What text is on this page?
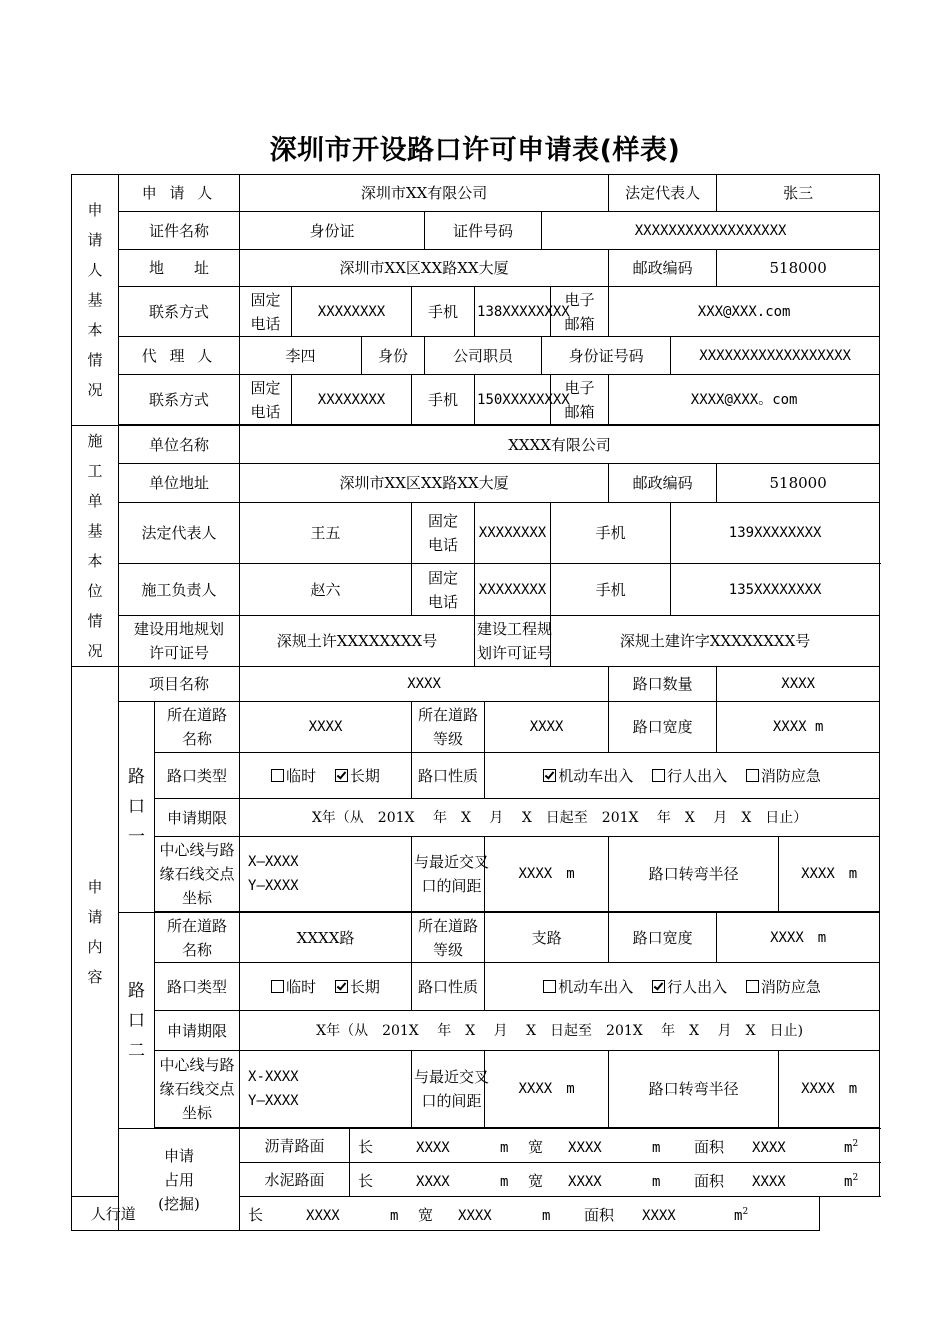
深圳市开设路口许可申请表(样表)
申请人基本情况	申 请 人		深圳市XX有限公司										法定代表人		张三	
	证件名称		身份证					证件号码			XXXXXXXXXXXXXXXXXX					
	地　　址		深圳市XX区XX路XX大厦										邮政编码		518000	
	联系方式		固定电话	XXXXXXXX			手机		138XXXXXXXX			电子邮箱	XXX@XXX.com			
	代 理 人		李四			身份		公司职员			身份证号码			XXXXXXXXXXXXXXXXXX		
	联系方式		固定电话	XXXXXXXX			手机		150XXXXXXXX			电子邮箱	XXXX@XXX。com			

施工单基本位情况	单位名称		XXXX有限公司													
	单位地址		深圳市XX区XX路XX大厦										邮政编码		518000	
	法定代表人		王五				固定电话		XXXXXXXX			手机		139XXXXXXXX		
	施工负责人		赵六				固定电话		XXXXXXXX			手机		135XXXXXXXX		
	建设用地规划许可证号		深规土许XXXXXXXX号						建设工程规划许可证号			深规土建许字XXXXXXXX号				

申请内容	项目名称		XXXX										路口数量		XXXX	

	路口一	所在道路名称	XXXX				所在道路等级			XXXX			路口宽度		XXXX m	
		路口类型	临时 长期				路口性质			机动车出入 行人出入 消防应急						
		申请期限	X年（从　201X　 年　X　 月　 X　日起至　201X　 年　X　 月　X　日止）													

		中心线与路缘石线交点坐标	X—XXXX
Y—XXXX				与最近交叉口的间距			XXXX　m			路口转弯半径			XXXX　m

	路口二	所在道路名称	XXXX路				所在道路等级			支路			路口宽度		XXXX　m	
		路口类型	临时 长期				路口性质			机动车出入 行人出入 消防应急						
		申请期限	X年（从　201X　 年　X　 月　 X　日起至　201X　 年　X　 月　X　日止)													

		中心线与路缘石线交点坐标	X-XXXX
Y—XXXX				与最近交叉口的间距			XXXX　m			路口转弯半径			XXXX　m

	申请
占用
(挖掘)		沥青路面		长 XXXX m 宽 XXXX m 面积 XXXX $m^2$
			水泥路面		长 XXXX m 宽 XXXX m 面积 XXXX $m^2$
人行道			长 XXXX m 宽 XXXX m 面积 XXXX $m^2$
